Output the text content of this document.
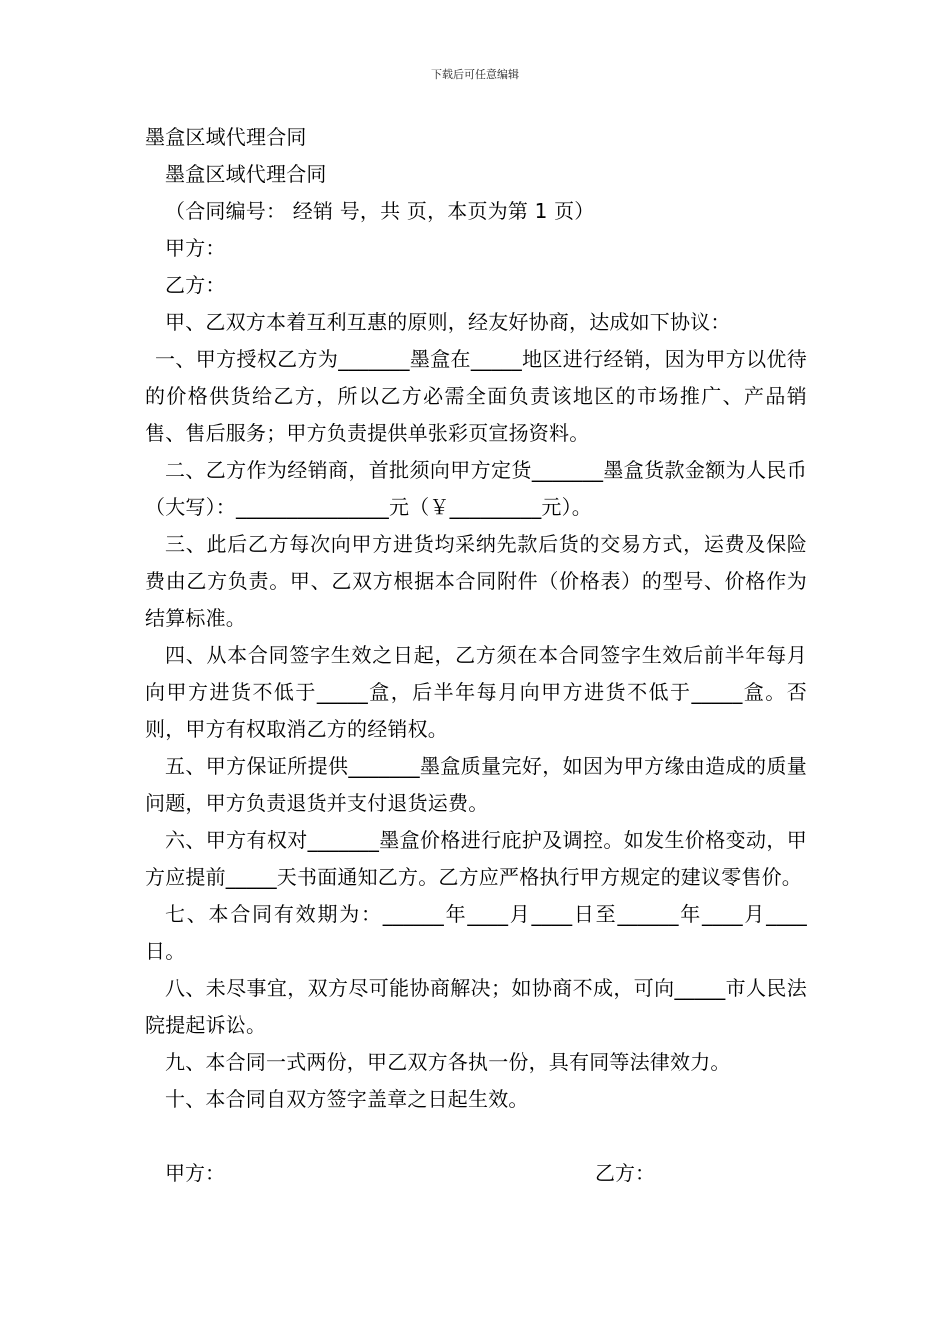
下载后可任意编辑

墨盒区域代理合同

墨盒区域代理合同

（合同编号： 经销 号，共 页，本页为第 1 页）

甲方：

乙方：

甲、乙双方本着互利互惠的原则，经友好协商，达成如下协议：

一、甲方授权乙方为_______墨盒在_____地区进行经销，因为甲方以优待的价格供货给乙方，所以乙方必需全面负责该地区的市场推广、产品销售、售后服务；甲方负责提供单张彩页宣扬资料。

二、乙方作为经销商，首批须向甲方定货_______墨盒货款金额为人民币（大写）：_______________元（￥_________元）。

三、此后乙方每次向甲方进货均采纳先款后货的交易方式，运费及保险费由乙方负责。甲、乙双方根据本合同附件（价格表）的型号、价格作为结算标准。

四、从本合同签字生效之日起，乙方须在本合同签字生效后前半年每月向甲方进货不低于_____盒，后半年每月向甲方进货不低于_____盒。否则，甲方有权取消乙方的经销权。

五、甲方保证所提供_______墨盒质量完好，如因为甲方缘由造成的质量问题，甲方负责退货并支付退货运费。

六、甲方有权对_______墨盒价格进行庇护及调控。如发生价格变动，甲方应提前_____天书面通知乙方。乙方应严格执行甲方规定的建议零售价。

七、本合同有效期为：______年____月____日至______年____月____日。

八、未尽事宜，双方尽可能协商解决；如协商不成，可向_____市人民法院提起诉讼。

九、本合同一式两份，甲乙双方各执一份，具有同等法律效力。

十、本合同自双方签字盖章之日起生效。

甲方：	乙方：
